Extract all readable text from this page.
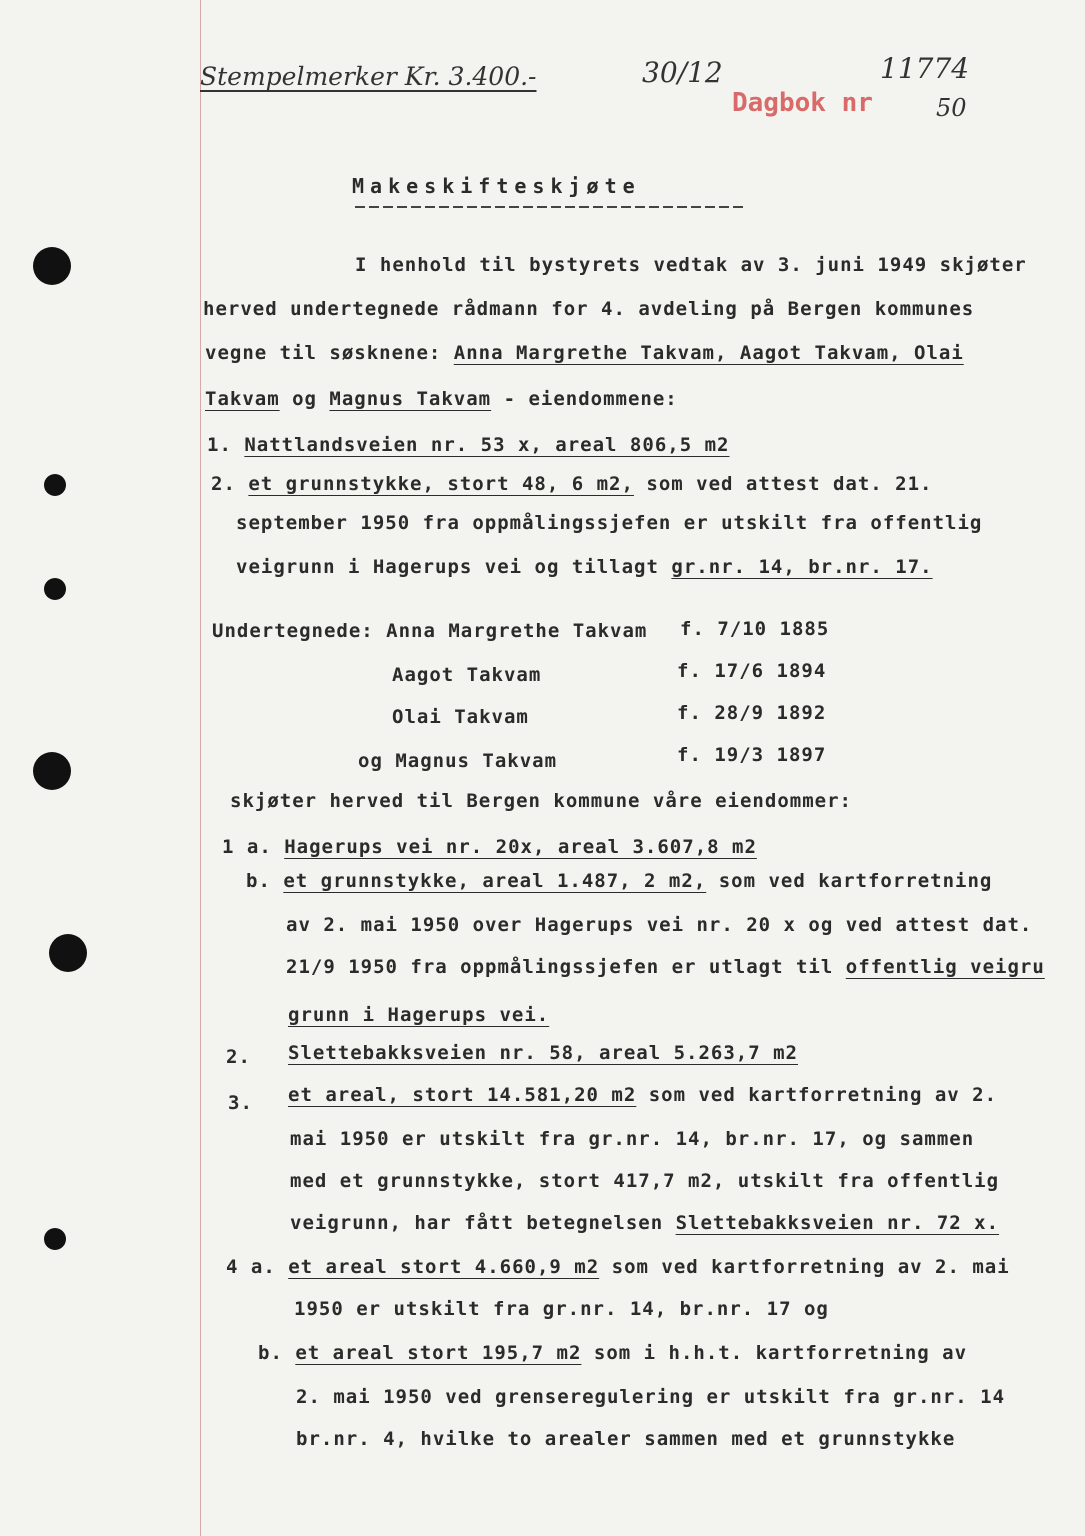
Stempelmerker Kr. 3.400.-	30/12
Dagbok nr
11774
50
Makeskifteskjøte
I henhold til bystyrets vedtak av 3. juni 1949 skjøter
herved undertegnede rådmann for 4. avdeling på Bergen kommunes
vegne til søsknene: Anna Margrethe Takvam, Aagot Takvam, Olai
Takvam og Magnus Takvam - eiendommene:
1. Nattlandsveien nr. 53 x, areal 806,5 m2
2. et grunnstykke, stort 48, 6 m2, som ved attest dat. 21.
september 1950 fra oppmålingssjefen er utskilt fra offentlig
veigrunn i Hagerups vei og tillagt gr.nr. 14, br.nr. 17.
Undertegnede: Anna Margrethe Takvam f. 7/10 1885
Aagot Takvam	f. 17/6 1894
Olai Takvam	f. 28/9 1892
og Magnus Takvam	f. 19/3 1897
skjøter herved til Bergen kommune våre eiendommer:
1 a. Hagerups vei nr. 20x, areal 3.607,8 m2
b. et grunnstykke, areal 1.487, 2 m2, som ved kartforretning
av 2. mai 1950 over Hagerups vei nr. 20 x og ved attest dat.
21/9 1950 fra oppmålingssjefen er utlagt til offentlig veigru
grunn i Hagerups vei.
2. Slettebakksveien nr. 58, areal 5.263,7 m2
3. et areal, stort 14.581,20 m2 som ved kartforretning av 2.
mai 1950 er utskilt fra gr.nr. 14, br.nr. 17, og sammen
med et grunnstykke, stort 417,7 m2, utskilt fra offentlig
veigrunn, har fått betegnelsen Slettebakksveien nr. 72 x.
4 a. et areal stort 4.660,9 m2 som ved kartforretning av 2. mai
1950 er utskilt fra gr.nr. 14, br.nr. 17 og
b. et areal stort 195,7 m2 som i h.h.t. kartforretning av
2. mai 1950 ved grenseregulering er utskilt fra gr.nr. 14
br.nr. 4, hvilke to arealer sammen med et grunnstykke
